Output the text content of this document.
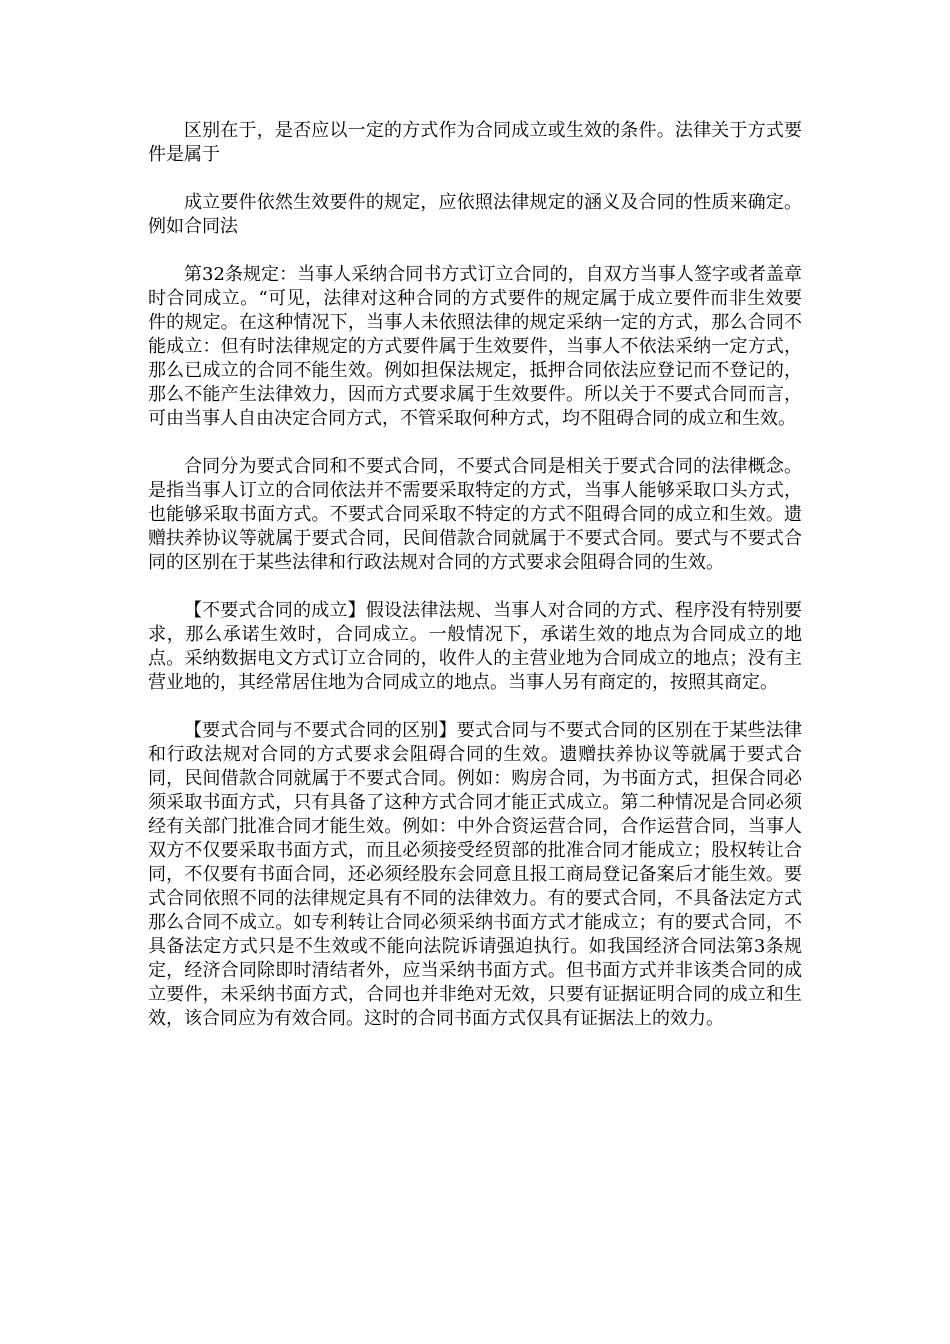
区别在于，是否应以一定的方式作为合同成立或生效的条件。法律关于方式要件是属于

成立要件依然生效要件的规定，应依照法律规定的涵义及合同的性质来确定。例如合同法

第32条规定：当事人采纳合同书方式订立合同的，自双方当事人签字或者盖章时合同成立。“可见，法律对这种合同的方式要件的规定属于成立要件而非生效要件的规定。在这种情况下，当事人未依照法律的规定采纳一定的方式，那么合同不能成立：但有时法律规定的方式要件属于生效要件，当事人不依法采纳一定方式，那么已成立的合同不能生效。例如担保法规定，抵押合同依法应登记而不登记的，那么不能产生法律效力，因而方式要求属于生效要件。所以关于不要式合同而言，可由当事人自由决定合同方式，不管采取何种方式，均不阻碍合同的成立和生效。

合同分为要式合同和不要式合同，不要式合同是相关于要式合同的法律概念。是指当事人订立的合同依法并不需要采取特定的方式，当事人能够采取口头方式，也能够采取书面方式。不要式合同采取不特定的方式不阻碍合同的成立和生效。遗赠扶养协议等就属于要式合同，民间借款合同就属于不要式合同。要式与不要式合同的区别在于某些法律和行政法规对合同的方式要求会阻碍合同的生效。

【不要式合同的成立】假设法律法规、当事人对合同的方式、程序没有特别要求，那么承诺生效时，合同成立。一般情况下，承诺生效的地点为合同成立的地点。采纳数据电文方式订立合同的，收件人的主营业地为合同成立的地点；没有主营业地的，其经常居住地为合同成立的地点。当事人另有商定的，按照其商定。

【要式合同与不要式合同的区别】要式合同与不要式合同的区别在于某些法律和行政法规对合同的方式要求会阻碍合同的生效。遗赠扶养协议等就属于要式合同，民间借款合同就属于不要式合同。例如：购房合同，为书面方式，担保合同必须采取书面方式，只有具备了这种方式合同才能正式成立。第二种情况是合同必须经有关部门批准合同才能生效。例如：中外合资运营合同，合作运营合同，当事人双方不仅要采取书面方式，而且必须接受经贸部的批准合同才能成立；股权转让合同，不仅要有书面合同，还必须经股东会同意且报工商局登记备案后才能生效。要式合同依照不同的法律规定具有不同的法律效力。有的要式合同，不具备法定方式那么合同不成立。如专利转让合同必须采纳书面方式才能成立；有的要式合同，不具备法定方式只是不生效或不能向法院诉请强迫执行。如我国经济合同法第3条规定，经济合同除即时清结者外，应当采纳书面方式。但书面方式并非该类合同的成立要件，未采纳书面方式，合同也并非绝对无效，只要有证据证明合同的成立和生效，该合同应为有效合同。这时的合同书面方式仅具有证据法上的效力。
